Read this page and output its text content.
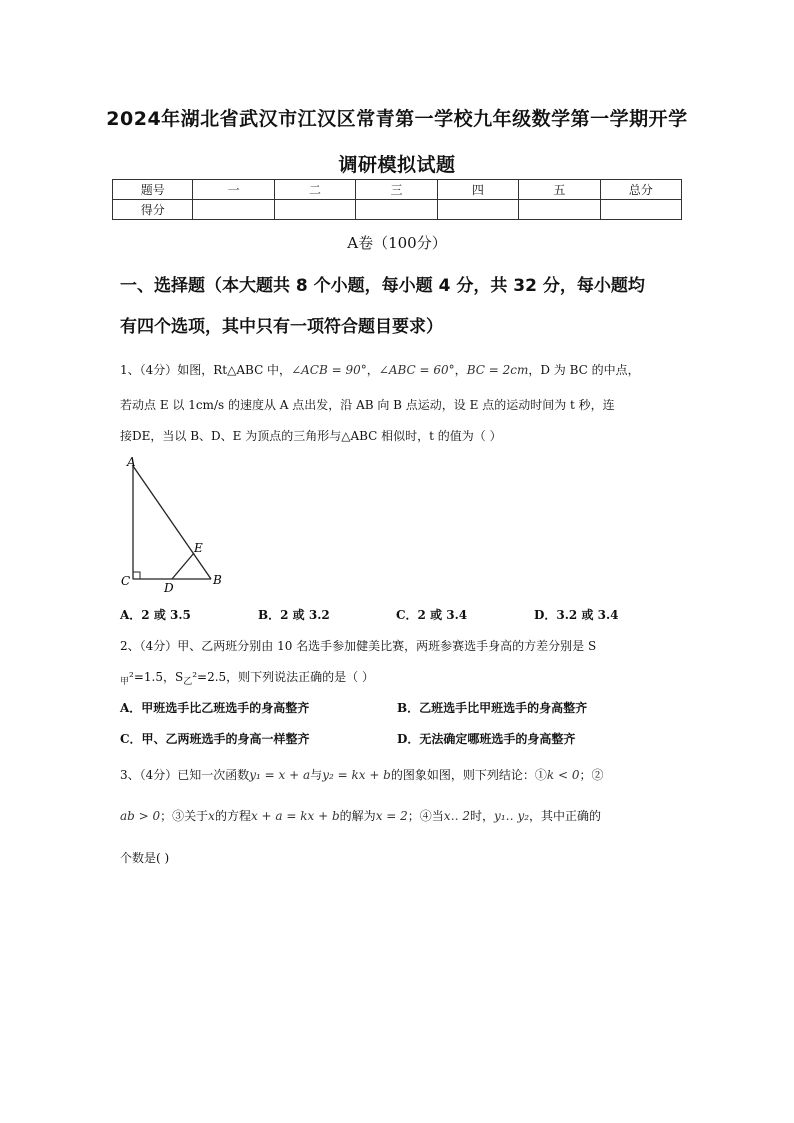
2024年湖北省武汉市江汉区常青第一学校九年级数学第一学期开学
调研模拟试题
题号	一	二	三	四	五	总分
得分						
A卷（100分）
一、选择题（本大题共 8 个小题，每小题 4 分，共 32 分，每小题均
有四个选项，其中只有一项符合题目要求）
1、（4分）如图，Rt△ABC 中，∠ACB = 90°，∠ABC = 60°，BC = 2cm，D 为 BC 的中点，
若动点 E 以 1cm/s 的速度从 A 点出发，沿 AB 向 B 点运动，设 E 点的运动时间为 t 秒，连
接DE，当以 B、D、E 为顶点的三角形与△ABC 相似时，t 的值为（ ）
A
C	D
B
E
A．2 或 3.5	B．2 或 3.2	C．2 或 3.4	D．3.2 或 3.4
2、（4分）甲、乙两班分别由 10 名选手参加健美比赛，两班参赛选手身高的方差分别是 S
$_甲$²=1.5，$S_乙^2=2.5$，则下列说法正确的是（ ）
A．甲班选手比乙班选手的身高整齐	B．乙班选手比甲班选手的身高整齐
C．甲、乙两班选手的身高一样整齐	D．无法确定哪班选手的身高整齐
3、（4分）已知一次函数y₁ = x + a与y₂ = kx + b的图象如图，则下列结论：①k < 0；②
ab > 0；③关于x的方程x + a = kx + b的解为x = 2；④当x‥ 2时，y₁‥ y₂，其中正确的
个数是( )
